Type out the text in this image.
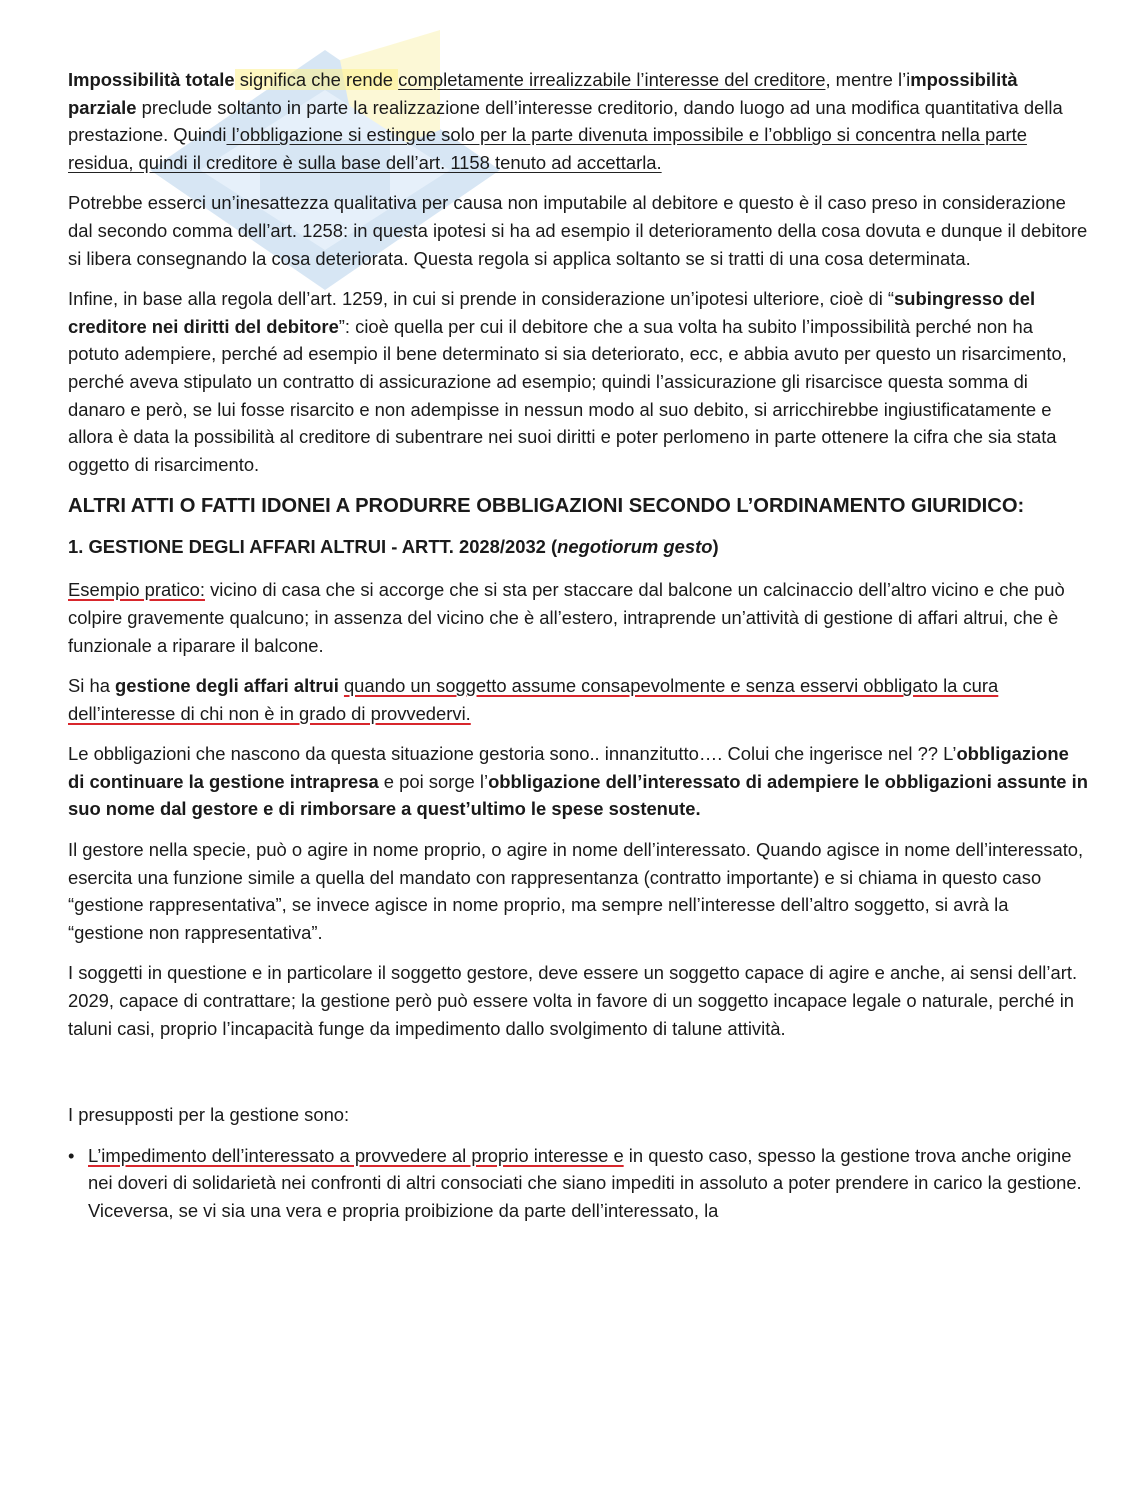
Impossibilità totale significa che rende completamente irrealizzabile l’interesse del creditore, mentre l’impossibilità parziale preclude soltanto in parte la realizzazione dell’interesse creditorio, dando luogo ad una modifica quantitativa della prestazione. Quindi l’obbligazione si estingue solo per la parte divenuta impossibile e l’obbligo si concentra nella parte residua, quindi il creditore è sulla base dell’art. 1158 tenuto ad accettarla.

Potrebbe esserci un’inesattezza qualitativa per causa non imputabile al debitore e questo è il caso preso in considerazione dal secondo comma dell’art. 1258: in questa ipotesi si ha ad esempio il deterioramento della cosa dovuta e dunque il debitore si libera consegnando la cosa deteriorata. Questa regola si applica soltanto se si tratti di una cosa determinata.

Infine, in base alla regola dell’art. 1259, in cui si prende in considerazione un’ipotesi ulteriore, cioè di “subingresso del creditore nei diritti del debitore”: cioè quella per cui il debitore che a sua volta ha subito l’impossibilità perché non ha potuto adempiere, perché ad esempio il bene determinato si sia deteriorato, ecc, e abbia avuto per questo un risarcimento, perché aveva stipulato un contratto di assicurazione ad esempio; quindi l’assicurazione gli risarcisce questa somma di danaro e però, se lui fosse risarcito e non adempisse in nessun modo al suo debito, si arricchirebbe ingiustificatamente e allora è data la possibilità al creditore di subentrare nei suoi diritti e poter perlomeno in parte ottenere la cifra che sia stata oggetto di risarcimento.

ALTRI ATTI O FATTI IDONEI A PRODURRE OBBLIGAZIONI SECONDO L’ORDINAMENTO GIURIDICO:
1. GESTIONE DEGLI AFFARI ALTRUI - ARTT. 2028/2032 (negotiorum gesto)

Esempio pratico: vicino di casa che si accorge che si sta per staccare dal balcone un calcinaccio dell’altro vicino e che può colpire gravemente qualcuno; in assenza del vicino che è all’estero, intraprende un’attività di gestione di affari altrui, che è funzionale a riparare il balcone.

Si ha gestione degli affari altrui quando un soggetto assume consapevolmente e senza esservi obbligato la cura dell’interesse di chi non è in grado di provvedervi.

Le obbligazioni che nascono da questa situazione gestoria sono.. innanzitutto…. Colui che ingerisce nel ?? L’obbligazione di continuare la gestione intrapresa e poi sorge l’obbligazione dell’interessato di adempiere le obbligazioni assunte in suo nome dal gestore e di rimborsare a quest’ultimo le spese sostenute.

Il gestore nella specie, può o agire in nome proprio, o agire in nome dell’interessato. Quando agisce in nome dell’interessato, esercita una funzione simile a quella del mandato con rappresentanza (contratto importante) e si chiama in questo caso “gestione rappresentativa”, se invece agisce in nome proprio, ma sempre nell’interesse dell’altro soggetto, si avrà la “gestione non rappresentativa”.

I soggetti in questione e in particolare il soggetto gestore, deve essere un soggetto capace di agire e anche, ai sensi dell’art. 2029, capace di contrattare; la gestione però può essere volta in favore di un soggetto incapace legale o naturale, perché in taluni casi, proprio l’incapacità funge da impedimento dallo svolgimento di talune attività.

I presupposti per la gestione sono:

• L’impedimento dell’interessato a provvedere al proprio interesse e in questo caso, spesso la gestione trova anche origine nei doveri di solidarietà nei confronti di altri consociati che siano impediti in assoluto a poter prendere in carico la gestione. Viceversa, se vi sia una vera e propria proibizione da parte dell’interessato, la
